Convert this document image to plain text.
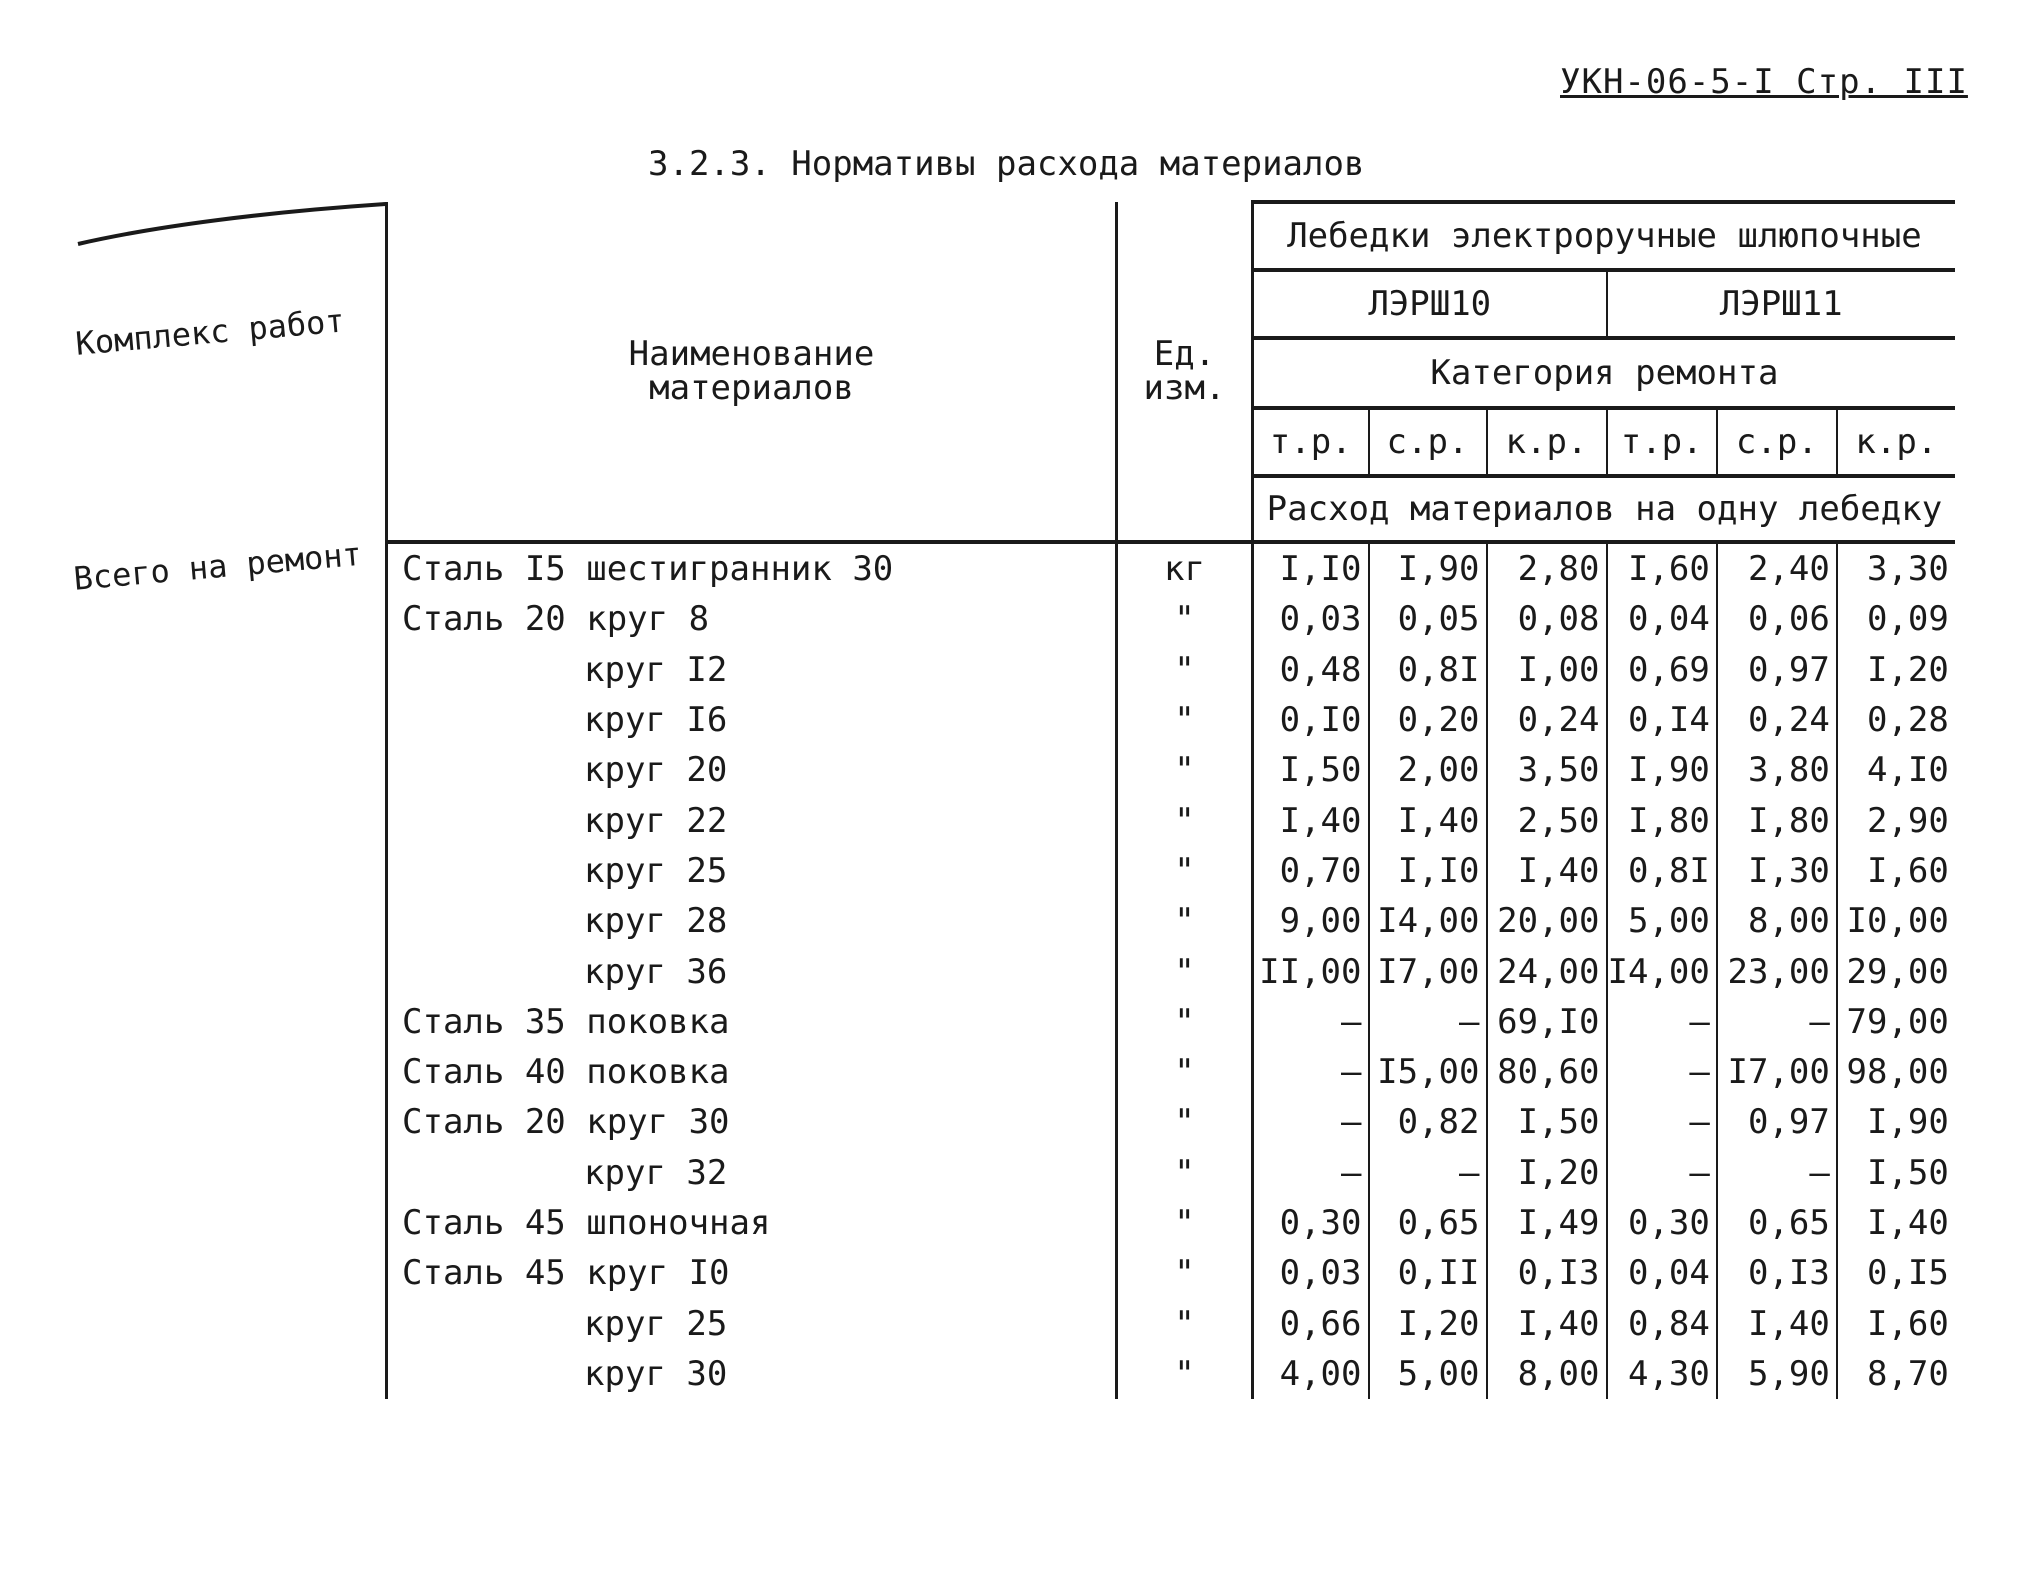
УКН-06-5-I Стр. III
3.2.3. Нормативы расхода материалов
Комплекс работ
Всего на ремонт
Наименование
материалов	Ед.
изм.	Лебедки электроручные шлюпочные					
		ЛЭРШ10			ЛЭРШ11		
		Категория ремонта					
		т.р.	с.р.	к.р.	т.р.	с.р.	к.р.
		Расход материалов на одну лебедку					
Сталь I5 шестигранник 30	кг	I,I0	I,90	2,80	I,60	2,40	3,30
Сталь 20 круг 8	"	0,03	0,05	0,08	0,04	0,06	0,09
круг I2	"	0,48	0,8I	I,00	0,69	0,97	I,20
круг I6	"	0,I0	0,20	0,24	0,I4	0,24	0,28
круг 20	"	I,50	2,00	3,50	I,90	3,80	4,I0
круг 22	"	I,40	I,40	2,50	I,80	I,80	2,90
круг 25	"	0,70	I,I0	I,40	0,8I	I,30	I,60
круг 28	"	9,00	I4,00	20,00	5,00	8,00	I0,00
круг 36	"	II,00	I7,00	24,00	I4,00	23,00	29,00
Сталь 35 поковка	"	–	–	69,I0	–	–	79,00
Сталь 40 поковка	"	–	I5,00	80,60	–	I7,00	98,00
Сталь 20 круг 30	"	–	0,82	I,50	–	0,97	I,90
круг 32	"	–	–	I,20	–	–	I,50
Сталь 45 шпоночная	"	0,30	0,65	I,49	0,30	0,65	I,40
Сталь 45 круг I0	"	0,03	0,II	0,I3	0,04	0,I3	0,I5
круг 25	"	0,66	I,20	I,40	0,84	I,40	I,60
круг 30	"	4,00	5,00	8,00	4,30	5,90	8,70
